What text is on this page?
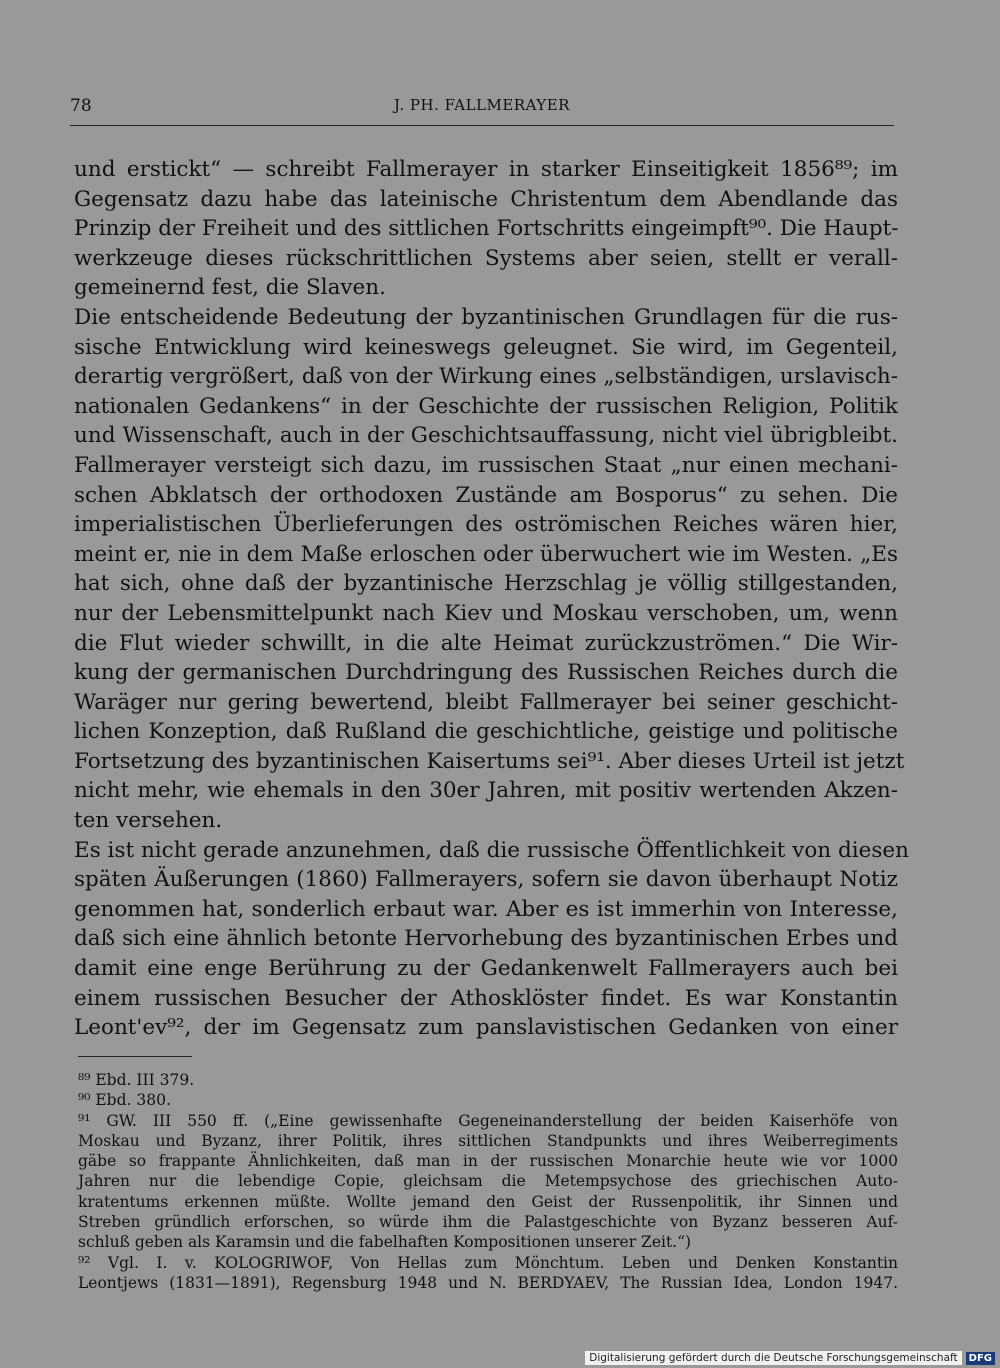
78	J. PH. FALLMERAYER
und erstickt“ — schreibt Fallmerayer in starker Einseitigkeit 1856⁸⁹; im
Gegensatz dazu habe das lateinische Christentum dem Abendlande das
Prinzip der Freiheit und des sittlichen Fortschritts eingeimpft⁹⁰. Die Haupt-
werkzeuge dieses rückschrittlichen Systems aber seien, stellt er verall-
gemeinernd fest, die Slaven.
Die entscheidende Bedeutung der byzantinischen Grundlagen für die rus-
sische Entwicklung wird keineswegs geleugnet. Sie wird, im Gegenteil,
derartig vergrößert, daß von der Wirkung eines „selbständigen, urslavisch-
nationalen Gedankens“ in der Geschichte der russischen Religion, Politik
und Wissenschaft, auch in der Geschichtsauffassung, nicht viel übrigbleibt.
Fallmerayer versteigt sich dazu, im russischen Staat „nur einen mechani-
schen Abklatsch der orthodoxen Zustände am Bosporus“ zu sehen. Die
imperialistischen Überlieferungen des oströmischen Reiches wären hier,
meint er, nie in dem Maße erloschen oder überwuchert wie im Westen. „Es
hat sich, ohne daß der byzantinische Herzschlag je völlig stillgestanden,
nur der Lebensmittelpunkt nach Kiev und Moskau verschoben, um, wenn
die Flut wieder schwillt, in die alte Heimat zurückzuströmen.“ Die Wir-
kung der germanischen Durchdringung des Russischen Reiches durch die
Waräger nur gering bewertend, bleibt Fallmerayer bei seiner geschicht-
lichen Konzeption, daß Rußland die geschichtliche, geistige und politische
Fortsetzung des byzantinischen Kaisertums sei⁹¹. Aber dieses Urteil ist jetzt
nicht mehr, wie ehemals in den 30er Jahren, mit positiv wertenden Akzen-
ten versehen.
Es ist nicht gerade anzunehmen, daß die russische Öffentlichkeit von diesen
späten Äußerungen (1860) Fallmerayers, sofern sie davon überhaupt Notiz
genommen hat, sonderlich erbaut war. Aber es ist immerhin von Interesse,
daß sich eine ähnlich betonte Hervorhebung des byzantinischen Erbes und
damit eine enge Berührung zu der Gedankenwelt Fallmerayers auch bei
einem russischen Besucher der Athosklöster findet. Es war Konstantin
Leont'ev⁹², der im Gegensatz zum panslavistischen Gedanken von einer
⁸⁹ Ebd. III 379.
⁹⁰ Ebd. 380.
⁹¹ GW. III 550 ff. („Eine gewissenhafte Gegeneinanderstellung der beiden Kaiserhöfe von
Moskau und Byzanz, ihrer Politik, ihres sittlichen Standpunkts und ihres Weiberregiments
gäbe so frappante Ähnlichkeiten, daß man in der russischen Monarchie heute wie vor 1000
Jahren nur die lebendige Copie, gleichsam die Metempsychose des griechischen Auto-
kratentums erkennen müßte. Wollte jemand den Geist der Russenpolitik, ihr Sinnen und
Streben gründlich erforschen, so würde ihm die Palastgeschichte von Byzanz besseren Auf-
schluß geben als Karamsin und die fabelhaften Kompositionen unserer Zeit.“)
⁹² Vgl. I. v. KOLOGRIWOF, Von Hellas zum Mönchtum. Leben und Denken Konstantin
Leontjews (1831—1891), Regensburg 1948 und N. BERDYAEV, The Russian Idea, London 1947.
Digitalisierung gefördert durch die Deutsche Forschungsgemeinschaft	DFG
